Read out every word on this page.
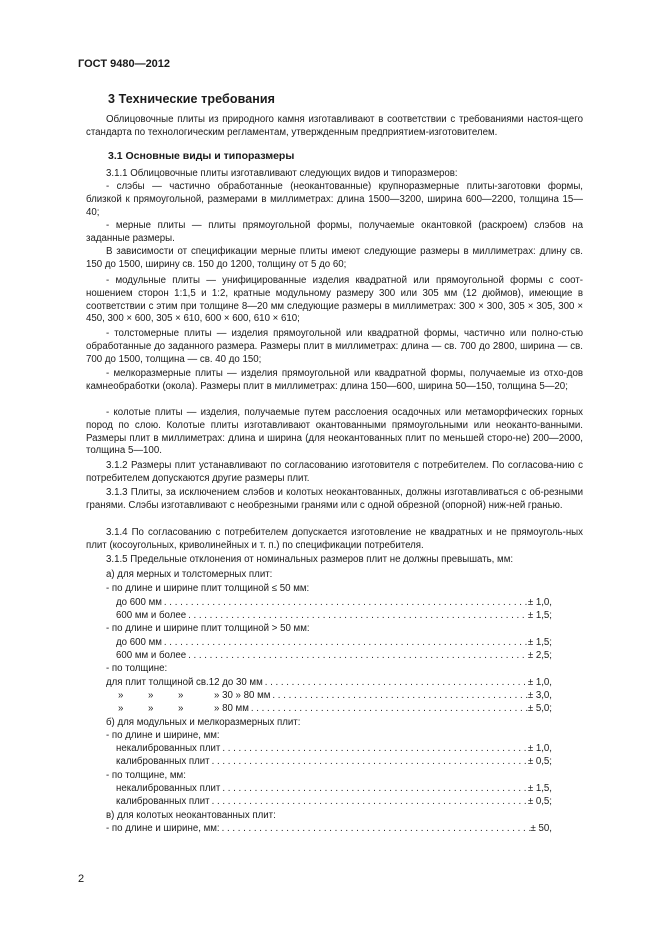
ГОСТ 9480—2012
3 Технические требования

Облицовочные плиты из природного камня изготавливают в соответствии с требованиями настоя-щего стандарта по технологическим регламентам, утвержденным предприятием-изготовителем.

3.1 Основные виды и типоразмеры

3.1.1 Облицовочные плиты изготавливают следующих видов и типоразмеров:

- слэбы — частично обработанные (неокантованные) крупноразмерные плиты-заготовки формы, близкой к прямоугольной, размерами в миллиметрах: длина 1500—3200, ширина 600—2200, толщина 15—40;

- мерные плиты — плиты прямоугольной формы, получаемые окантовкой (раскроем) слэбов на заданные размеры.

В зависимости от спецификации мерные плиты имеют следующие размеры в миллиметрах: длину св. 150 до 1500, ширину св. 150 до 1200, толщину от 5 до 60;

- модульные плиты — унифицированные изделия квадратной или прямоугольной формы с соот-ношением сторон 1:1,5 и 1:2, кратные модульному размеру 300 или 305 мм (12 дюймов), имеющие в соответствии с этим при толщине 8—20 мм следующие размеры в миллиметрах: 300 × 300, 305 × 305, 300 × 450, 300 × 600, 305 × 610, 600 × 600, 610 × 610;

- толстомерные плиты — изделия прямоугольной или квадратной формы, частично или полно-стью обработанные до заданного размера. Размеры плит в миллиметрах: длина — св. 700 до 2800, ширина — св. 700 до 1500, толщина — св. 40 до 150;

- мелкоразмерные плиты — изделия прямоугольной или квадратной формы, получаемые из отхо-дов камнеобработки (окола). Размеры плит в миллиметрах: длина 150—600, ширина 50—150, толщина 5—20;

- колотые плиты — изделия, получаемые путем расслоения осадочных или метаморфических горных пород по слою. Колотые плиты изготавливают окантованными прямоугольными или неоканто-ванными. Размеры плит в миллиметрах: длина и ширина (для неокантованных плит по меньшей сторо-не) 200—2000, толщина 5—100.

3.1.2 Размеры плит устанавливают по согласованию изготовителя с потребителем. По согласова-нию с потребителем допускаются другие размеры плит.

3.1.3 Плиты, за исключением слэбов и колотых неокантованных, должны изготавливаться с об-резными гранями. Слэбы изготавливают с необрезными гранями или с одной обрезной (опорной) ниж-ней гранью.

3.1.4 По согласованию с потребителем допускается изготовление не квадратных и не прямоуголь-ных плит (косоугольных, криволинейных и т. п.) по спецификации потребителя.

3.1.5 Предельные отклонения от номинальных размеров плит не должны превышать, мм:

а) для мерных и толстомерных плит:
- по длине и ширине плит толщиной ≤ 50 мм:
до 600 мм . . .	± 1,0,
600 мм и более . . .	± 1,5;
- по длине и ширине плит толщиной > 50 мм:
до 600 мм . . .	± 1,5;
600 мм и более . . .	± 2,5;
- по толщине:
для плит толщиной св.12 до 30 мм . . .	± 1,0,
»	»	»	» 30 » 80 мм . . .	± 3,0,
»	»	»	» 80 мм . . .	± 5,0;
б) для модульных и мелкоразмерных плит:
- по длине и ширине, мм:
некалиброванных плит . . .	± 1,0,
калиброванных плит . . .	± 0,5;
- по толщине, мм:
некалиброванных плит . . .	± 1,5,
калиброванных плит . . .	± 0,5;
в) для колотых неокантованных плит:
- по длине и ширине, мм: . . .	± 50,
2
